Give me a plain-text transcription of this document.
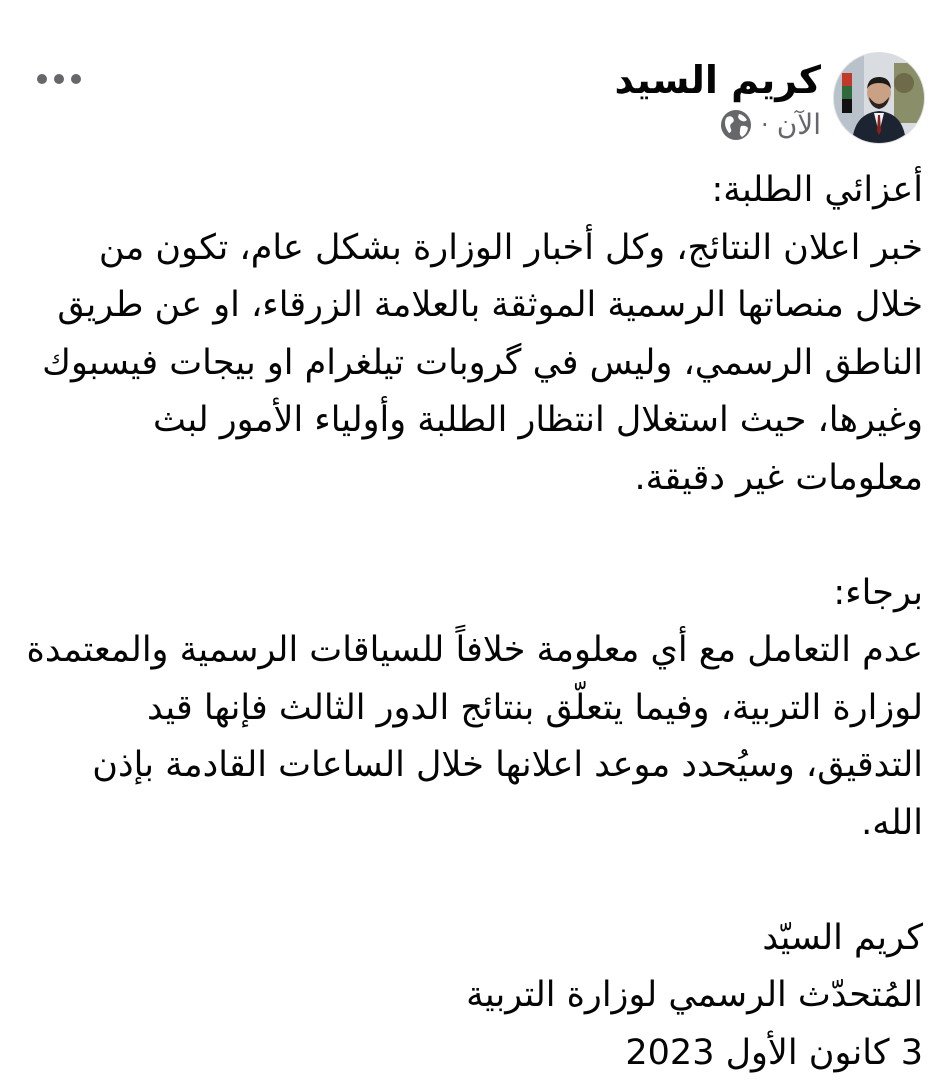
كريم السيد
الآن
·

أعزائي الطلبة:

خبر اعلان النتائج، وكل أخبار الوزارة بشكل عام، تكون من خلال منصاتها الرسمية الموثقة بالعلامة الزرقاء، او عن طريق الناطق الرسمي، وليس في گروبات تيلغرام او بيجات فيسبوك وغيرها، حيث استغلال انتظار الطلبة وأولياء الأمور لبث معلومات غير دقيقة.

برجاء:

عدم التعامل مع أي معلومة خلافاً للسياقات الرسمية والمعتمدة لوزارة التربية، وفيما يتعلّق بنتائج الدور الثالث فإنها قيد التدقيق، وسيُحدد موعد اعلانها خلال الساعات القادمة بإذن الله.

كريم السيّد

المُتحدّث الرسمي لوزارة التربية

3 كانون الأول 2023
